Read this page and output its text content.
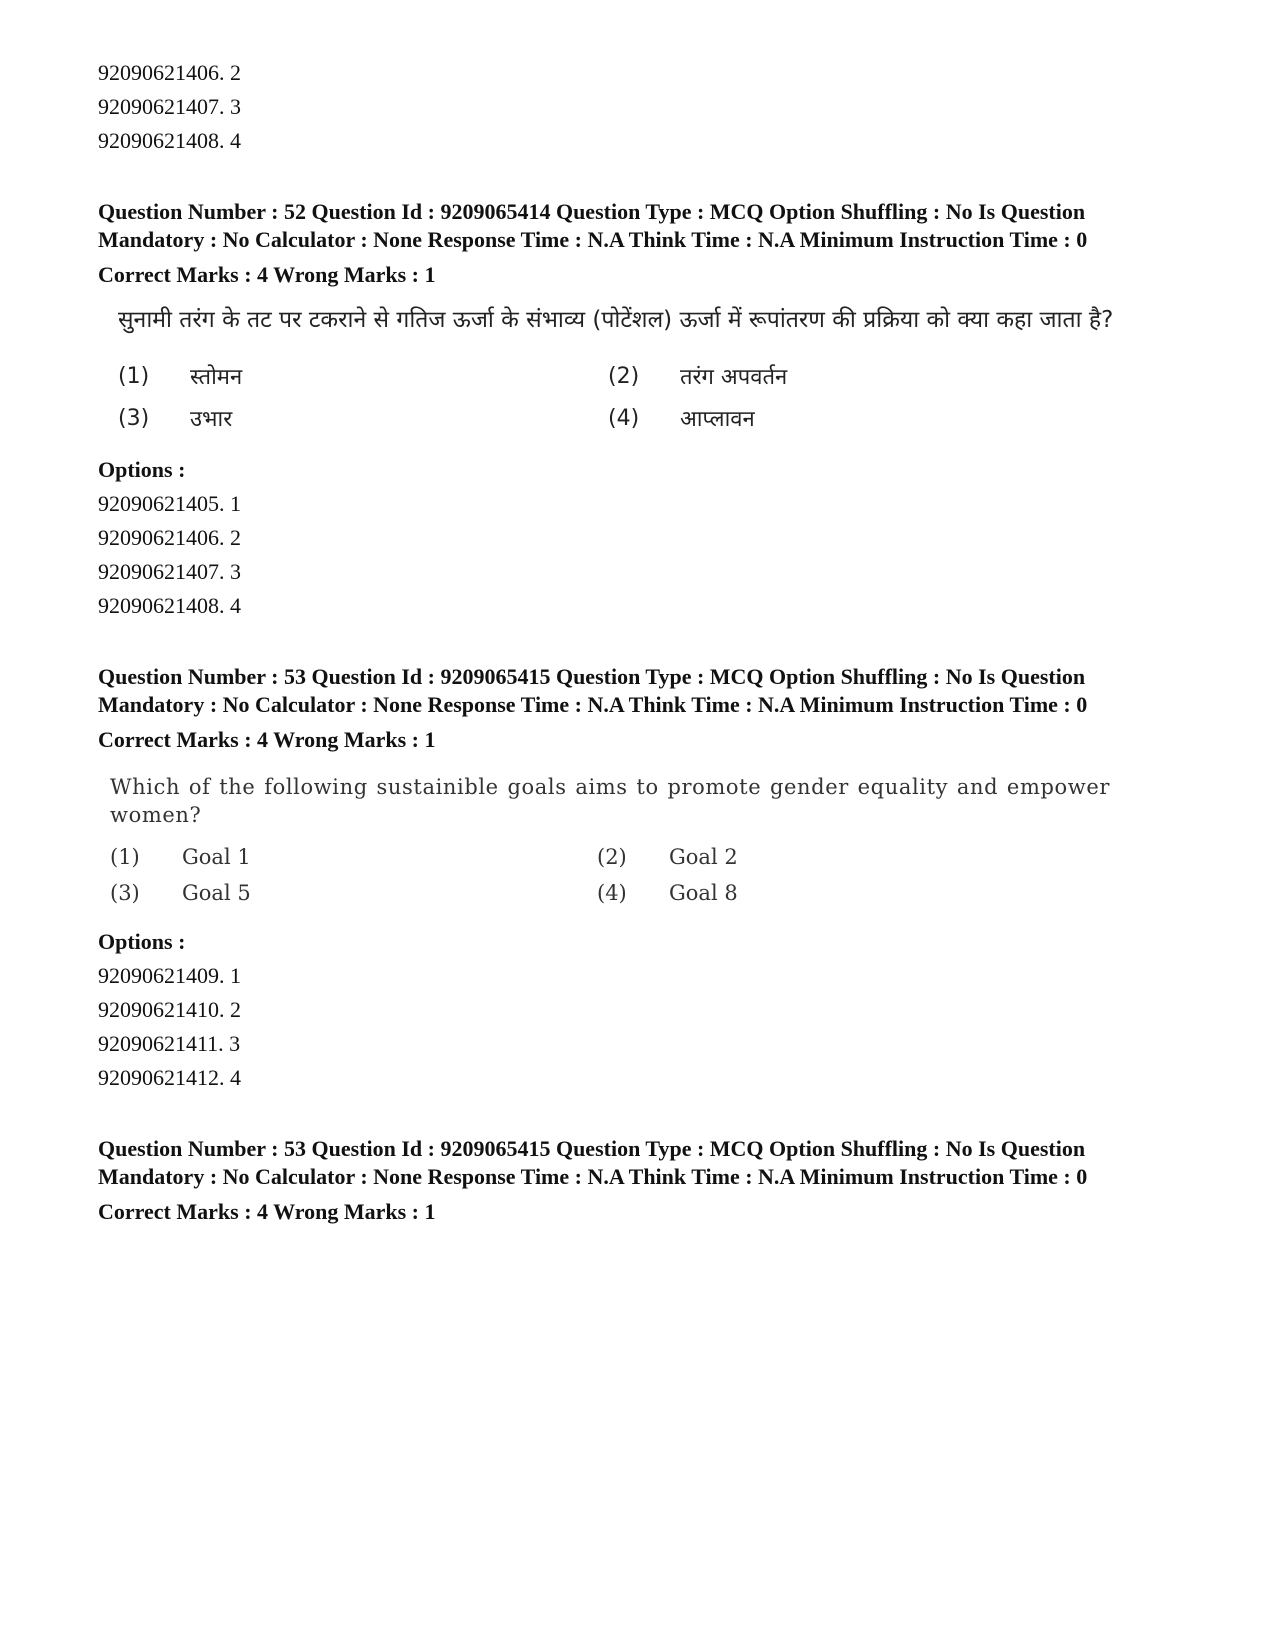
92090621406. 2
92090621407. 3
92090621408. 4
Question Number : 52 Question Id : 9209065414 Question Type : MCQ Option Shuffling : No Is Question Mandatory : No Calculator : None Response Time : N.A Think Time : N.A Minimum Instruction Time : 0
Correct Marks : 4 Wrong Marks : 1
सुनामी तरंग के तट पर टकराने से गतिज ऊर्जा के संभाव्य (पोटेंशल) ऊर्जा में रूपांतरण की प्रक्रिया को क्या कहा जाता है?
(1)	स्तोमन	(2)	तरंग अपवर्तन
(3)	उभार	(4)	आप्लावन
Options :
92090621405. 1
92090621406. 2
92090621407. 3
92090621408. 4
Question Number : 53 Question Id : 9209065415 Question Type : MCQ Option Shuffling : No Is Question Mandatory : No Calculator : None Response Time : N.A Think Time : N.A Minimum Instruction Time : 0
Correct Marks : 4 Wrong Marks : 1
Which of the following sustainible goals aims to promote gender equality and empower women?
(1)	Goal 1	(2)	Goal 2
(3)	Goal 5	(4)	Goal 8
Options :
92090621409. 1
92090621410. 2
92090621411. 3
92090621412. 4
Question Number : 53 Question Id : 9209065415 Question Type : MCQ Option Shuffling : No Is Question Mandatory : No Calculator : None Response Time : N.A Think Time : N.A Minimum Instruction Time : 0
Correct Marks : 4 Wrong Marks : 1
